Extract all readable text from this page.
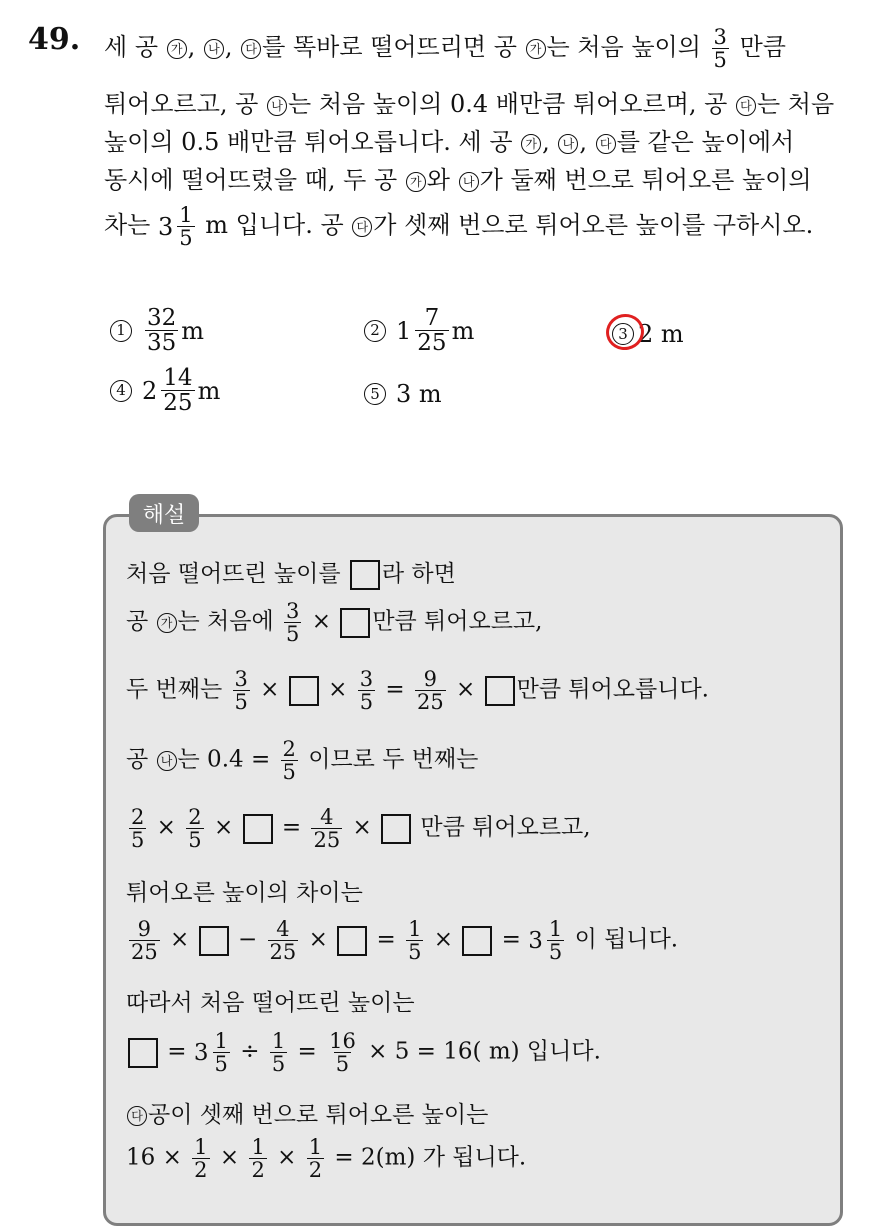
49. 세 공 가 , 나 , 다 를 똑바로 떨어뜨리면 공 가 는 처음 높이의 $\frac{3}{5}$ 만큼
튀어오르고, 공 나 는 처음 높이의 0.4 배만큼 튀어오르며, 공 다 는 처음
높이의 0.5 배만큼 튀어오릅니다. 세 공 가 , 나 , 다 를 같은 높이에서
동시에 떨어뜨렸을 때, 두 공 가 와 나 가 둘째 번으로 튀어오른 높이의
차는 $3 \frac{1}{5}$ m 입니다. 공 다 가 셋째 번으로 튀어오른 높이를 구하시오.
$1 \frac{32}{35}$ m	2 $1 \frac{7}{25}$ m	3 2 m
4 $2 \frac{14}{25}$ m	5 3 m
해설
처음 떨어뜨린 높이를 라 하면
공 가 는 처음에 $\frac{3}{5}$ × 만큼 튀어오르고,
두 번째는 $\frac{3}{5}$ ×  × $\frac{3}{5} = \frac{9}{25}$ × 만큼 튀어오릅니다.
공 나 는 $0.4 = \frac{2}{5}$ 이므로 두 번째는
$\frac{2}{5} \times \frac{2}{5}$ ×  = $\frac{4}{25}$ ×  만큼 튀어오르고,
튀어오른 높이의 차이는
$\frac{9}{25}$ ×  − $\frac{4}{25}$ ×  = $\frac{1}{5}$ ×  = $3 \frac{1}{5}$ 이 됩니다.
따라서 처음 떨어뜨린 높이는
= $3 \frac{1}{5} \div \frac{1}{5} = \frac{16}{5} \times 5 = 16$( m) 입니다.
다 공이 셋째 번으로 튀어오른 높이는
$16 \times \frac{1}{2} \times \frac{1}{2} \times \frac{1}{2} = 2(m)$ 가 됩니다.
